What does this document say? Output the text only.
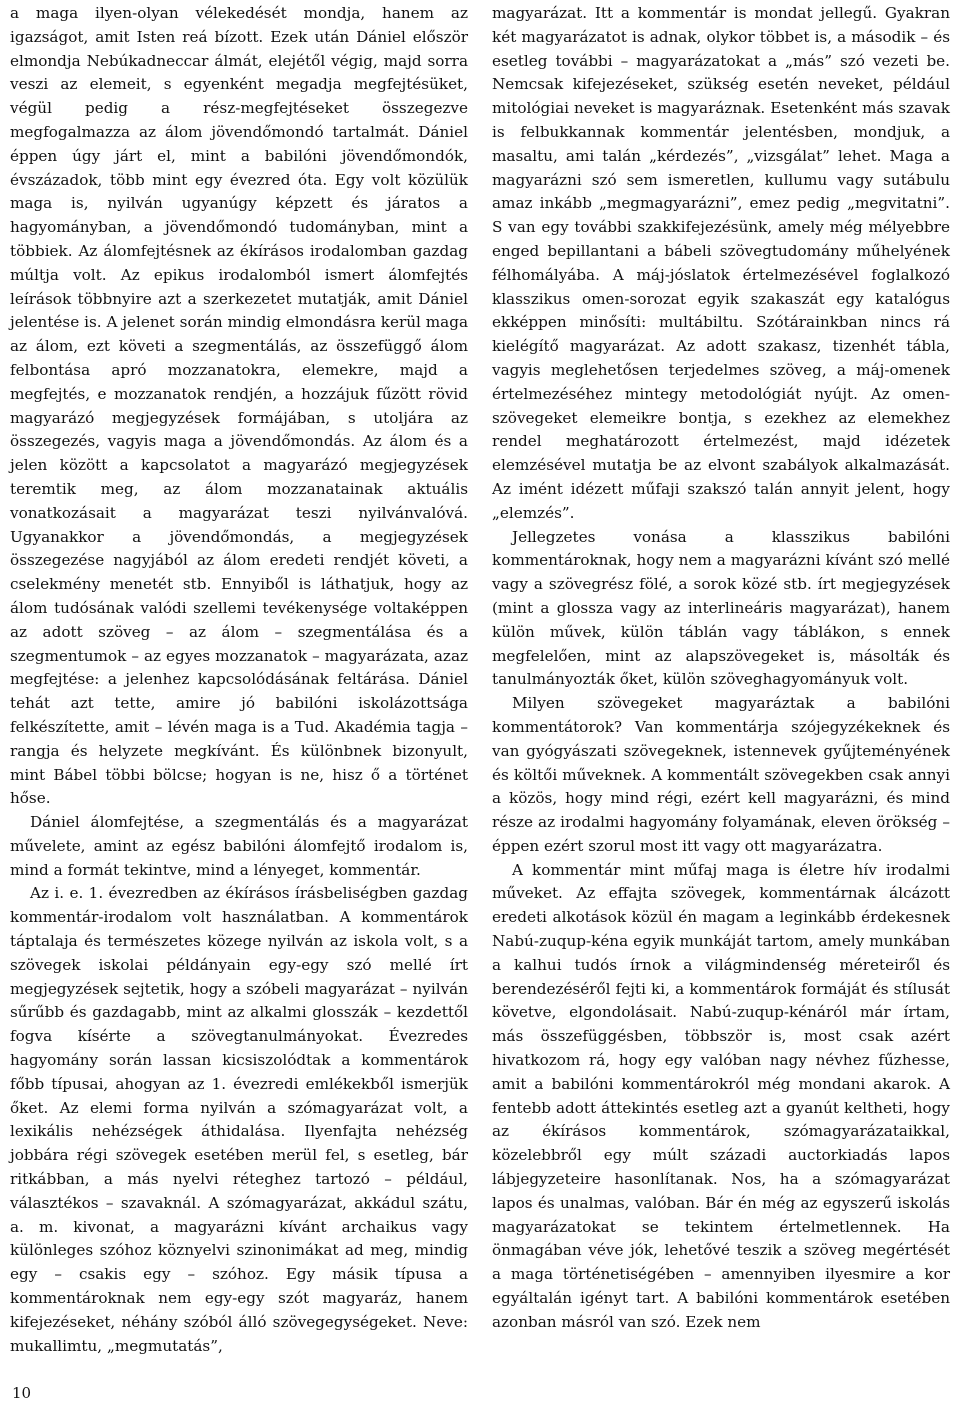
a maga ilyen-olyan vélekedését mondja, hanem az igazságot, amit Isten reá bízott. Ezek után Dániel először elmondja Nebúkadneccar álmát, elejétől végig, majd sorra veszi az elemeit, s egyenként megadja megfejtésüket, végül pedig a rész-megfejtéseket összegezve megfogalmazza az álom jövendőmondó tartalmát. Dániel éppen úgy járt el, mint a babilóni jövendőmondók, évszázadok, több mint egy évezred óta. Egy volt közülük maga is, nyilván ugyanúgy képzett és járatos a hagyományban, a jövendőmondó tudományban, mint a többiek. Az álomfejtésnek az ékírásos irodalomban gazdag múltja volt. Az epikus irodalomból ismert álomfejtés leírások többnyire azt a szerkezetet mutatják, amit Dániel jelentése is. A jelenet során mindig elmondásra kerül maga az álom, ezt követi a szegmentálás, az összefüggő álom felbontása apró mozzanatokra, elemekre, majd a megfejtés, e mozzanatok rendjén, a hozzájuk fűzött rövid magyarázó megjegyzések formájában, s utoljára az összegezés, vagyis maga a jövendőmondás. Az álom és a jelen között a kapcsolatot a magyarázó megjegyzések teremtik meg, az álom mozzanatainak aktuális vonatkozásait a magyarázat teszi nyilvánvalóvá. Ugyanakkor a jövendőmondás, a megjegyzések összegezése nagyjából az álom eredeti rendjét követi, a cselekmény menetét stb. Ennyiből is láthatjuk, hogy az álom tudósának valódi szellemi tevékenysége voltaképpen az adott szöveg – az álom – szegmentálása és a szegmentumok – az egyes mozzanatok – magyarázata, azaz megfejtése: a jelenhez kapcsolódásának feltárása. Dániel tehát azt tette, amire jó babilóni iskolázottsága felkészítette, amit – lévén maga is a Tud. Akadémia tagja – rangja és helyzete megkívánt. És különbnek bizonyult, mint Bábel többi bölcse; hogyan is ne, hisz ő a történet hőse.

Dániel álomfejtése, a szegmentálás és a magyarázat művelete, amint az egész babilóni álomfejtő irodalom is, mind a formát tekintve, mind a lényeget, kommentár.

Az i. e. 1. évezredben az ékírásos írásbeliségben gazdag kommentár-irodalom volt használatban. A kommentárok táptalaja és természetes közege nyilván az iskola volt, s a szövegek iskolai példányain egy-egy szó mellé írt megjegyzések sejtetik, hogy a szóbeli magyarázat – nyilván sűrűbb és gazdagabb, mint az alkalmi glosszák – kezdettől fogva kísérte a szövegtanulmányokat. Évezredes hagyomány során lassan kicsiszolódtak a kommentárok főbb típusai, ahogyan az 1. évezredi emlékekből ismerjük őket. Az elemi forma nyilván a szómagyarázat volt, a lexikális nehézségek áthidalása. Ilyenfajta nehézség jobbára régi szövegek esetében merül fel, s esetleg, bár ritkábban, a más nyelvi réteghez tartozó – például, választékos – szavaknál. A szómagyarázat, akkádul szátu, a. m. kivonat, a magyarázni kívánt archaikus vagy különleges szóhoz köznyelvi szinonimákat ad meg, mindig egy – csakis egy – szóhoz. Egy másik típusa a kommentároknak nem egy-egy szót magyaráz, hanem kifejezéseket, néhány szóból álló szövegegységeket. Neve: mukallimtu, „megmutatás”,

magyarázat. Itt a kommentár is mondat jellegű. Gyakran két magyarázatot is adnak, olykor többet is, a második – és esetleg további – magyarázatokat a „más” szó vezeti be. Nemcsak kifejezéseket, szükség esetén neveket, például mitológiai neveket is magyaráznak. Esetenként más szavak is felbukkannak kommentár jelentésben, mondjuk, a masaltu, ami talán „kérdezés”, „vizsgálat” lehet. Maga a magyarázni szó sem ismeretlen, kullumu vagy sutábulu amaz inkább „megmagyarázni”, emez pedig „megvitatni”. S van egy további szakkifejezésünk, amely még mélyebbre enged bepillantani a bábeli szövegtudomány műhelyének félhomályába. A máj-jóslatok értelmezésével foglalkozó klasszikus omen-sorozat egyik szakaszát egy katalógus ekképpen minősíti: multábiltu. Szótárainkban nincs rá kielégítő magyarázat. Az adott szakasz, tizenhét tábla, vagyis meglehetősen terjedelmes szöveg, a máj-omenek értelmezéséhez mintegy metodológiát nyújt. Az omen-szövegeket elemeikre bontja, s ezekhez az elemekhez rendel meghatározott értelmezést, majd idézetek elemzésével mutatja be az elvont szabályok alkalmazását. Az imént idézett műfaji szakszó talán annyit jelent, hogy „elemzés”.

Jellegzetes vonása a klasszikus babilóni kommentároknak, hogy nem a magyarázni kívánt szó mellé vagy a szövegrész fölé, a sorok közé stb. írt megjegyzések (mint a glossza vagy az interlineáris magyarázat), hanem külön művek, külön táblán vagy táblákon, s ennek megfelelően, mint az alapszövegeket is, másolták és tanulmányozták őket, külön szöveghagyományuk volt.

Milyen szövegeket magyaráztak a babilóni kommentátorok? Van kommentárja szójegyzékeknek és van gyógyászati szövegeknek, istennevek gyűjteményének és költői műveknek. A kommentált szövegekben csak annyi a közös, hogy mind régi, ezért kell magyarázni, és mind része az irodalmi hagyomány folyamának, eleven örökség – éppen ezért szorul most itt vagy ott magyarázatra.

A kommentár mint műfaj maga is életre hív irodalmi műveket. Az effajta szövegek, kommentárnak álcázott eredeti alkotások közül én magam a leginkább érdekesnek Nabú-zuqup-kéna egyik munkáját tartom, amely munkában a kalhui tudós írnok a világmindenség méreteiről és berendezéséről fejti ki, a kommentárok formáját és stílusát követve, elgondolásait. Nabú-zuqup-kénáról már írtam, más összefüggésben, többször is, most csak azért hivatkozom rá, hogy egy valóban nagy névhez fűzhesse, amit a babilóni kommentárokról még mondani akarok. A fentebb adott áttekintés esetleg azt a gyanút keltheti, hogy az ékírásos kommentárok, szómagyarázataikkal, közelebbről egy múlt századi auctorkiadás lapos lábjegyzeteire hasonlítanak. Nos, ha a szómagyarázat lapos és unalmas, valóban. Bár én még az egyszerű iskolás magyarázatokat se tekintem értelmetlennek. Ha önmagában véve jók, lehetővé teszik a szöveg megértését a maga történetiségében – amennyiben ilyesmire a kor egyáltalán igényt tart. A babilóni kommentárok esetében azonban másról van szó. Ezek nem

10
